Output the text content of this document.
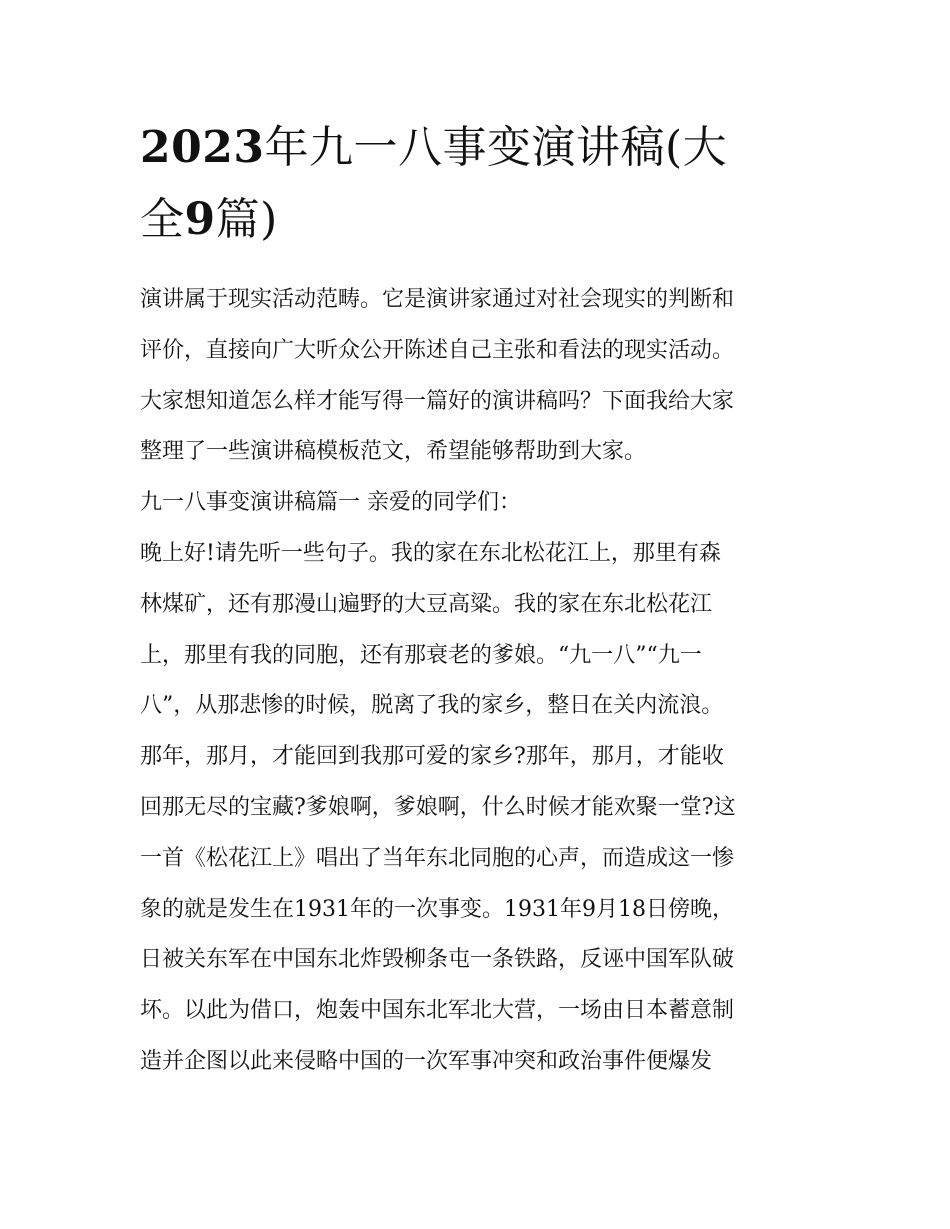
2023年九一八事变演讲稿(大
全9篇)
演讲属于现实活动范畴。它是演讲家通过对社会现实的判断和
评价，直接向广大听众公开陈述自己主张和看法的现实活动。
大家想知道怎么样才能写得一篇好的演讲稿吗？下面我给大家
整理了一些演讲稿模板范文，希望能够帮助到大家。
九一八事变演讲稿篇一 亲爱的同学们：
晚上好!请先听一些句子。我的家在东北松花江上，那里有森
林煤矿，还有那漫山遍野的大豆高粱。我的家在东北松花江
上，那里有我的同胞，还有那衰老的爹娘。“九一八”“九一
八”，从那悲惨的时候，脱离了我的家乡，整日在关内流浪。
那年，那月，才能回到我那可爱的家乡?那年，那月，才能收
回那无尽的宝藏?爹娘啊，爹娘啊，什么时候才能欢聚一堂?这
一首《松花江上》唱出了当年东北同胞的心声，而造成这一惨
象的就是发生在1931年的一次事变。1931年9月18日傍晚，
日被关东军在中国东北炸毁柳条屯一条铁路，反诬中国军队破
坏。以此为借口，炮轰中国东北军北大营，一场由日本蓄意制
造并企图以此来侵略中国的一次军事冲突和政治事件便爆发
